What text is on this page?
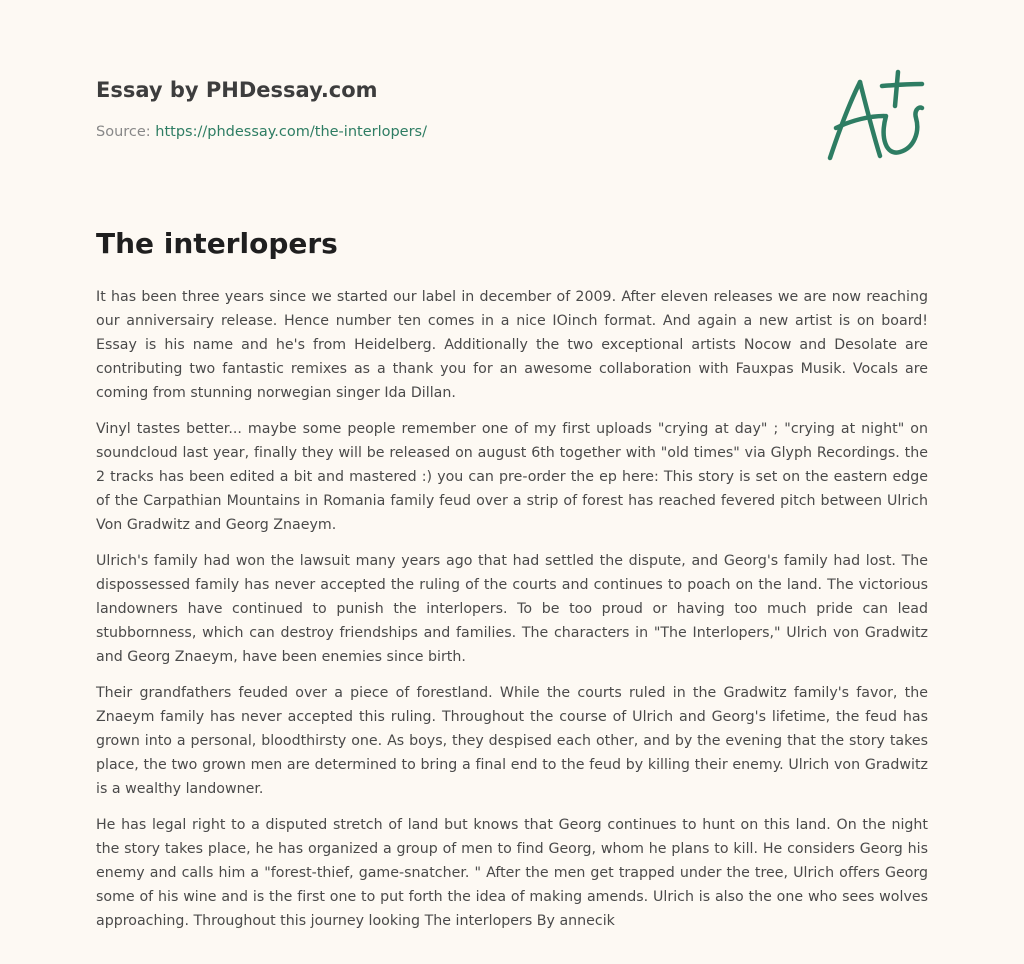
Essay by PHDessay.com
Source: https://phdessay.com/the-interlopers/
The interlopers

It has been three years since we started our label in december of 2009. After eleven releases we are now reaching our anniversairy release. Hence number ten comes in a nice IOinch format. And again a new artist is on board! Essay is his name and he's from Heidelberg. Additionally the two exceptional artists Nocow and Desolate are contributing two fantastic remixes as a thank you for an awesome collaboration with Fauxpas Musik. Vocals are coming from stunning norwegian singer Ida Dillan.

Vinyl tastes better... maybe some people remember one of my first uploads "crying at day" ; "crying at night" on soundcloud last year, finally they will be released on august 6th together with "old times" via Glyph Recordings. the 2 tracks has been edited a bit and mastered :) you can pre-order the ep here: This story is set on the eastern edge of the Carpathian Mountains in Romania family feud over a strip of forest has reached fevered pitch between Ulrich Von Gradwitz and Georg Znaeym.

Ulrich's family had won the lawsuit many years ago that had settled the dispute, and Georg's family had lost. The dispossessed family has never accepted the ruling of the courts and continues to poach on the land. The victorious landowners have continued to punish the interlopers. To be too proud or having too much pride can lead stubbornness, which can destroy friendships and families. The characters in "The Interlopers," Ulrich von Gradwitz and Georg Znaeym, have been enemies since birth.

Their grandfathers feuded over a piece of forestland. While the courts ruled in the Gradwitz family's favor, the Znaeym family has never accepted this ruling. Throughout the course of Ulrich and Georg's lifetime, the feud has grown into a personal, bloodthirsty one. As boys, they despised each other, and by the evening that the story takes place, the two grown men are determined to bring a final end to the feud by killing their enemy. Ulrich von Gradwitz is a wealthy landowner.

He has legal right to a disputed stretch of land but knows that Georg continues to hunt on this land. On the night the story takes place, he has organized a group of men to find Georg, whom he plans to kill. He considers Georg his enemy and calls him a "forest-thief, game-snatcher. " After the men get trapped under the tree, Ulrich offers Georg some of his wine and is the first one to put forth the idea of making amends. Ulrich is also the one who sees wolves approaching. Throughout this journey looking The interlopers By annecik
